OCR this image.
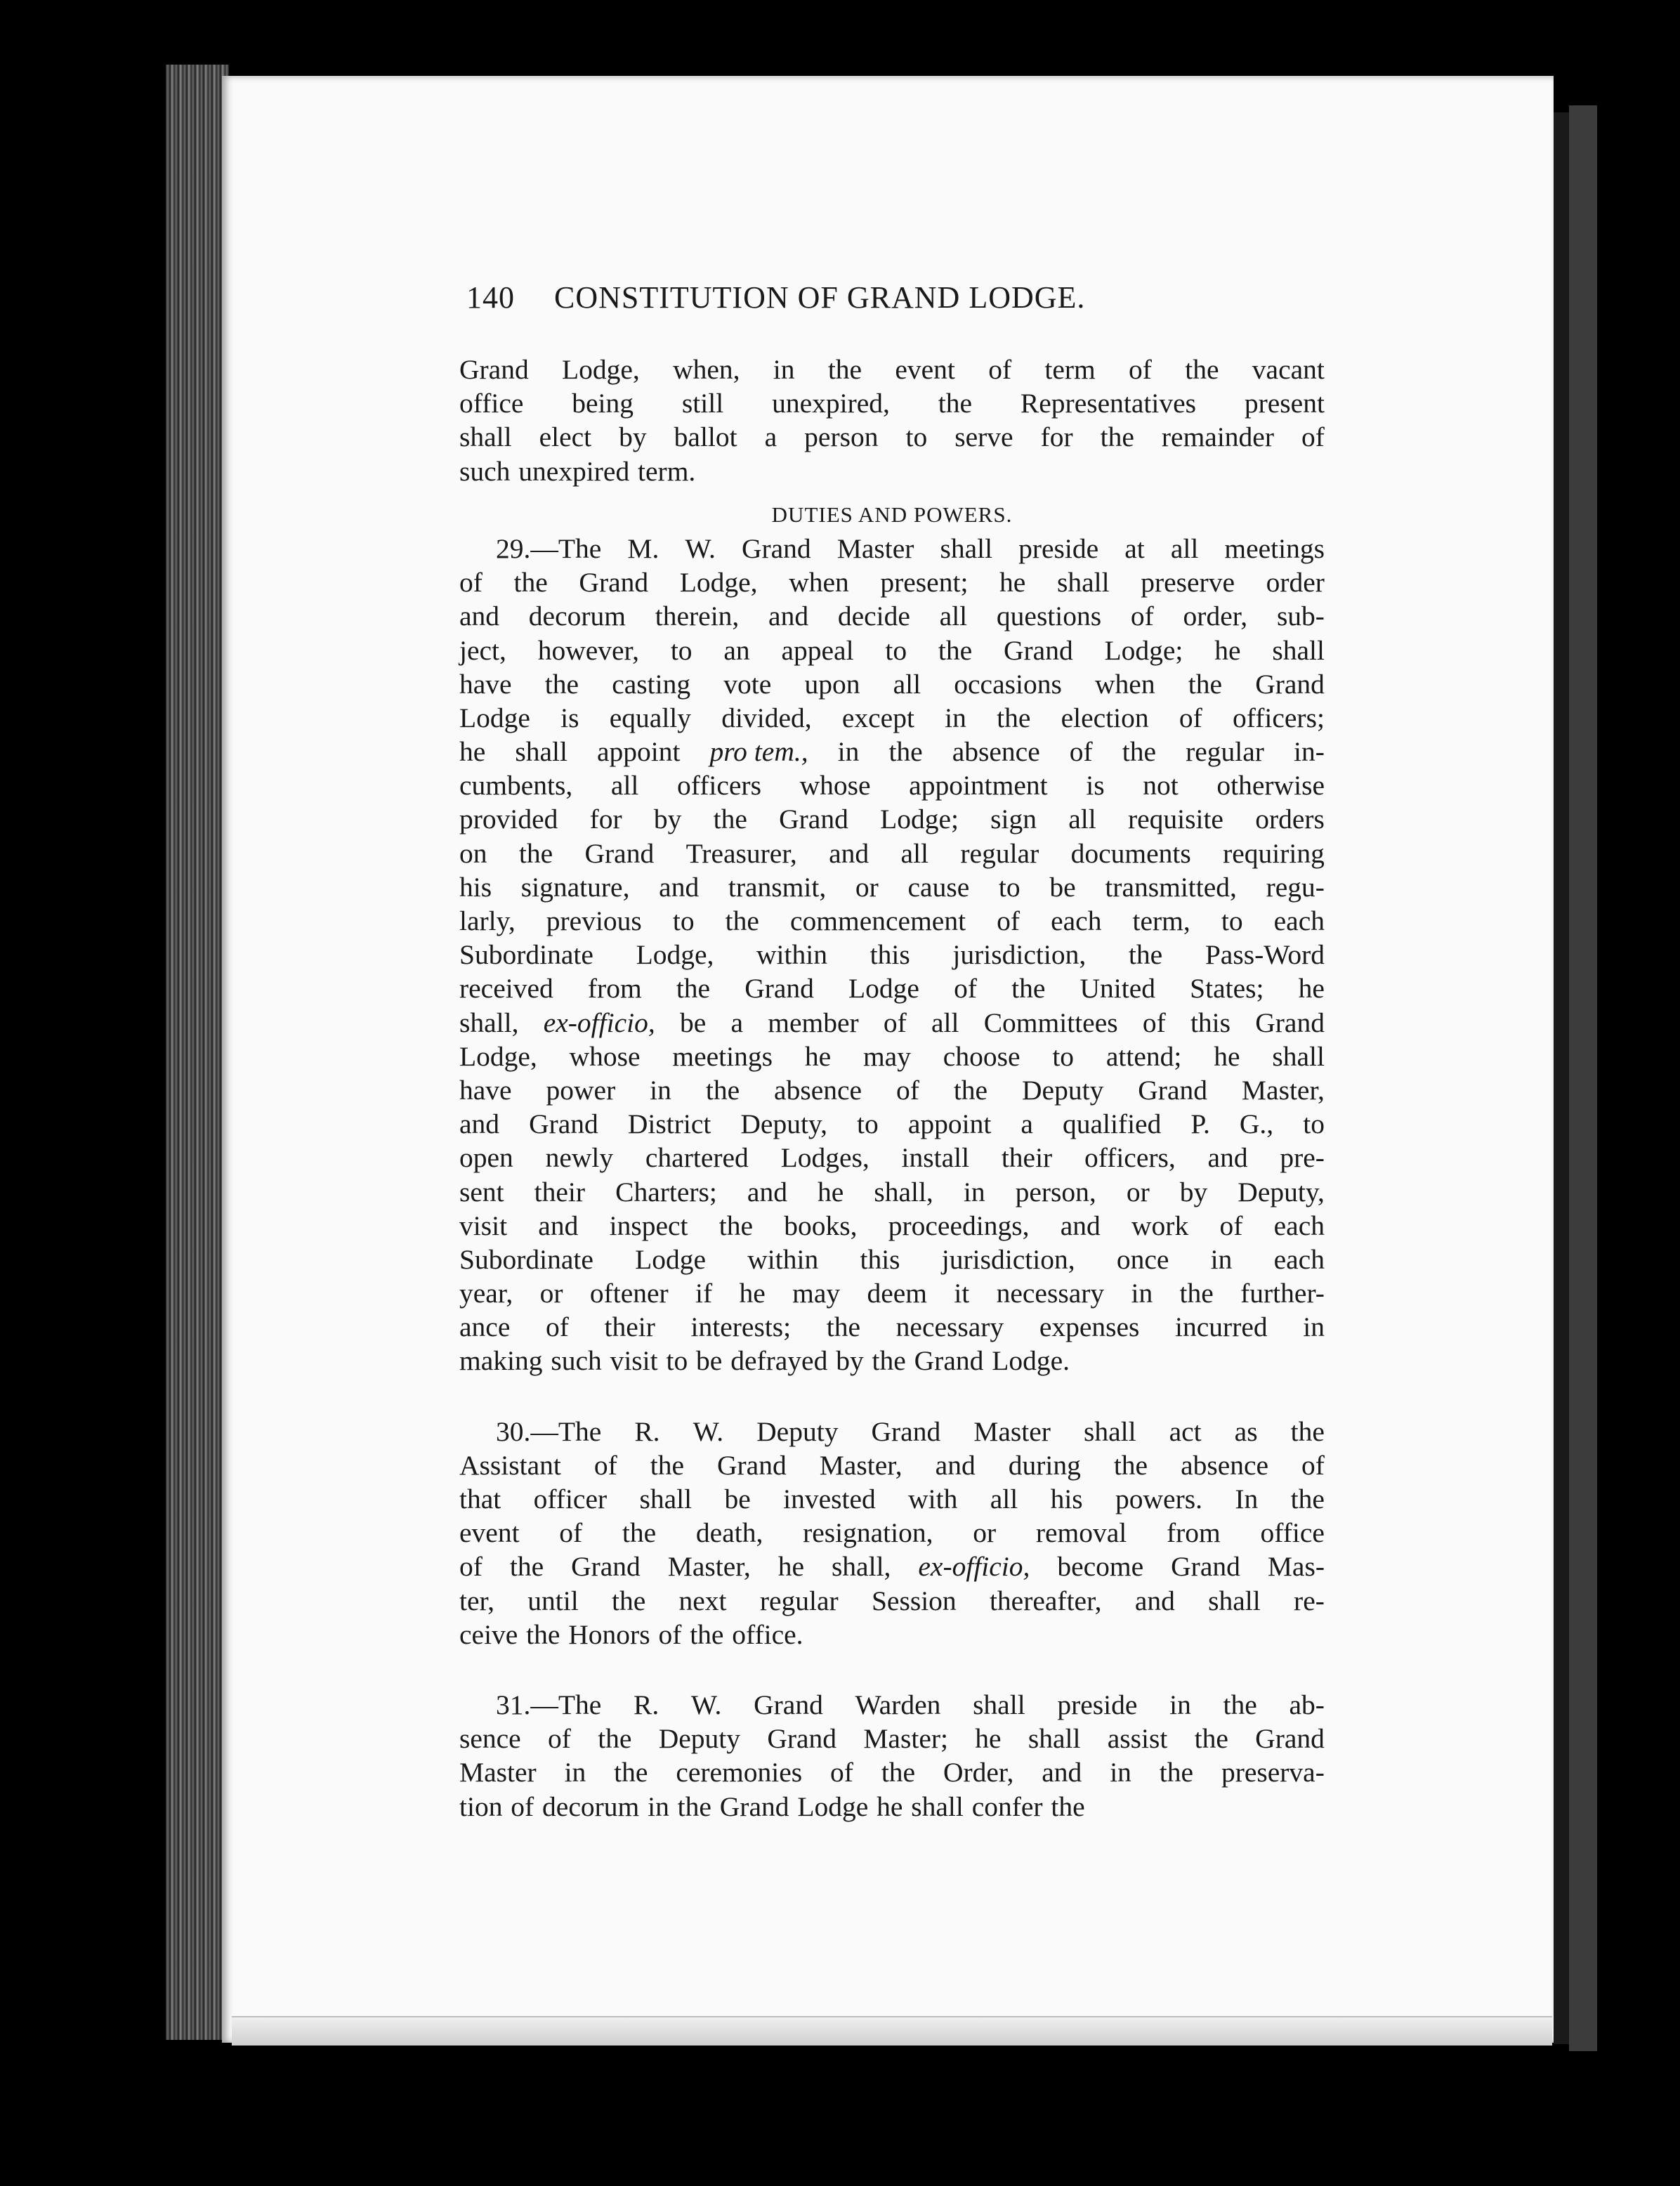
140 CONSTITUTION OF GRAND LODGE.
Grand Lodge, when, in the event of term of the vacant
office being still unexpired, the Representatives present
shall elect by ballot a person to serve for the remainder of
such unexpired term.
DUTIES AND POWERS.
29.—The M. W. Grand Master shall preside at all meetings
of the Grand Lodge, when present; he shall preserve order
and decorum therein, and decide all questions of order, sub-
ject, however, to an appeal to the Grand Lodge; he shall
have the casting vote upon all occasions when the Grand
Lodge is equally divided, except in the election of officers;
he shall appoint pro tem., in the absence of the regular in-
cumbents, all officers whose appointment is not otherwise
provided for by the Grand Lodge; sign all requisite orders
on the Grand Treasurer, and all regular documents requiring
his signature, and transmit, or cause to be transmitted, regu-
larly, previous to the commencement of each term, to each
Subordinate Lodge, within this jurisdiction, the Pass-Word
received from the Grand Lodge of the United States; he
shall, ex-officio, be a member of all Committees of this Grand
Lodge, whose meetings he may choose to attend; he shall
have power in the absence of the Deputy Grand Master,
and Grand District Deputy, to appoint a qualified P. G., to
open newly chartered Lodges, install their officers, and pre-
sent their Charters; and he shall, in person, or by Deputy,
visit and inspect the books, proceedings, and work of each
Subordinate Lodge within this jurisdiction, once in each
year, or oftener if he may deem it necessary in the further-
ance of their interests; the necessary expenses incurred in
making such visit to be defrayed by the Grand Lodge.
30.—The R. W. Deputy Grand Master shall act as the
Assistant of the Grand Master, and during the absence of
that officer shall be invested with all his powers. In the
event of the death, resignation, or removal from office
of the Grand Master, he shall, ex-officio, become Grand Mas-
ter, until the next regular Session thereafter, and shall re-
ceive the Honors of the office.
31.—The R. W. Grand Warden shall preside in the ab-
sence of the Deputy Grand Master; he shall assist the Grand
Master in the ceremonies of the Order, and in the preserva-
tion of decorum in the Grand Lodge he shall confer the
